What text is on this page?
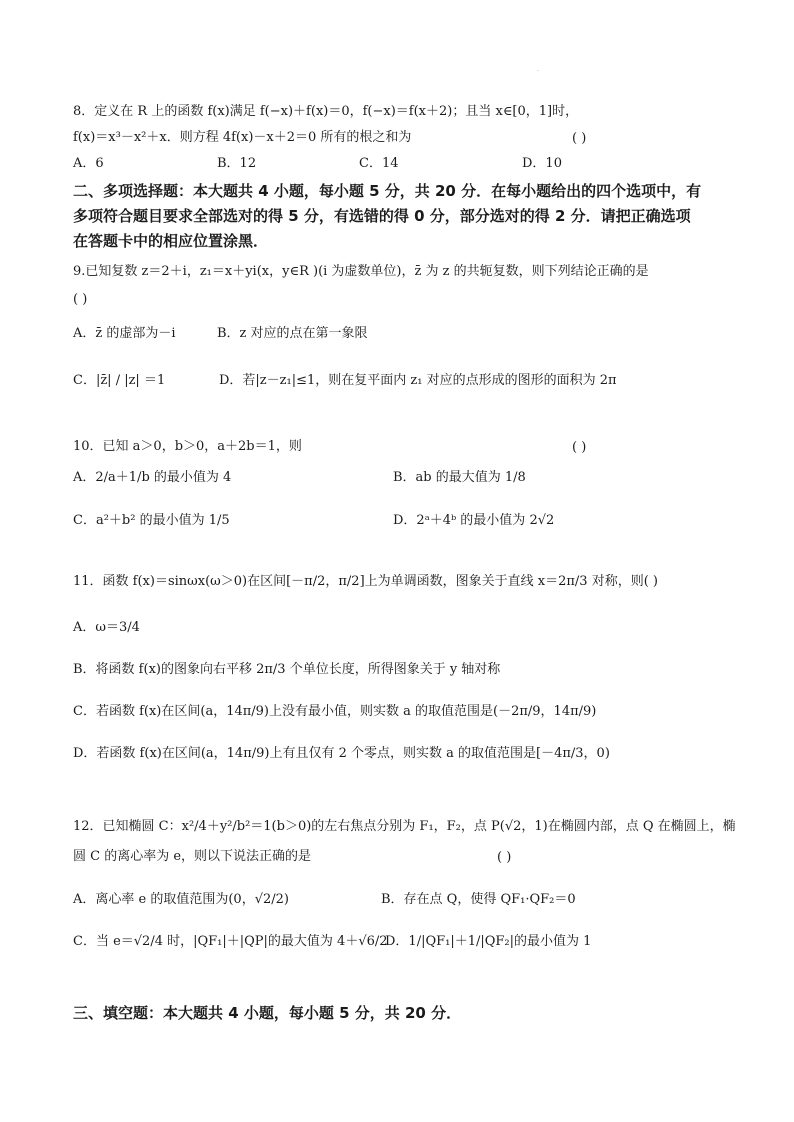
·
8．定义在 R 上的函数 f(x)满足 f(−x)＋f(x)＝0，f(−x)＝f(x＋2)；且当 x∈[0，1]时，
f(x)＝x³－x²＋x．则方程 4f(x)－x＋2＝0 所有的根之和为	( )
A．6	B．12	C．14	D．10
二、多项选择题：本大题共 4 小题，每小题 5 分，共 20 分．在每小题给出的四个选项中，有
多项符合题目要求全部选对的得 5 分，有选错的得 0 分，部分选对的得 2 分．请把正确选项
在答题卡中的相应位置涂黑．
9.已知复数 z＝2＋i，z₁＝x＋yi(x，y∈R )(i 为虚数单位)，z̄ 为 z 的共轭复数，则下列结论正确的是
( )
A．z̄ 的虚部为－i	B．z 对应的点在第一象限
C．|z̄| / |z| ＝1	D．若|z－z₁|≤1，则在复平面内 z₁ 对应的点形成的图形的面积为 2π
10．已知 a＞0，b＞0，a＋2b＝1，则	( )
A．2/a＋1/b 的最小值为 4	B．ab 的最大值为 1/8
C．a²＋b² 的最小值为 1/5	D．2ᵃ＋4ᵇ 的最小值为 2√2
11．函数 f(x)＝sinωx(ω＞0)在区间[－π/2，π/2]上为单调函数，图象关于直线 x＝2π/3 对称，则( )
A．ω＝3/4
B．将函数 f(x)的图象向右平移 2π/3 个单位长度，所得图象关于 y 轴对称
C．若函数 f(x)在区间(a，14π/9)上没有最小值，则实数 a 的取值范围是(－2π/9，14π/9)
D．若函数 f(x)在区间(a，14π/9)上有且仅有 2 个零点，则实数 a 的取值范围是[－4π/3，0)
12．已知椭圆 C：x²/4＋y²/b²＝1(b＞0)的左右焦点分别为 F₁，F₂，点 P(√2，1)在椭圆内部，点 Q 在椭圆上，椭
圆 C 的离心率为 e，则以下说法正确的是	( )
A．离心率 e 的取值范围为(0，√2/2)	B．存在点 Q，使得 QF₁·QF₂＝0
C．当 e＝√2/4 时，|QF₁|＋|QP|的最大值为 4＋√6/2
D．1/|QF₁|＋1/|QF₂|的最小值为 1
三、填空题：本大题共 4 小题，每小题 5 分，共 20 分．
